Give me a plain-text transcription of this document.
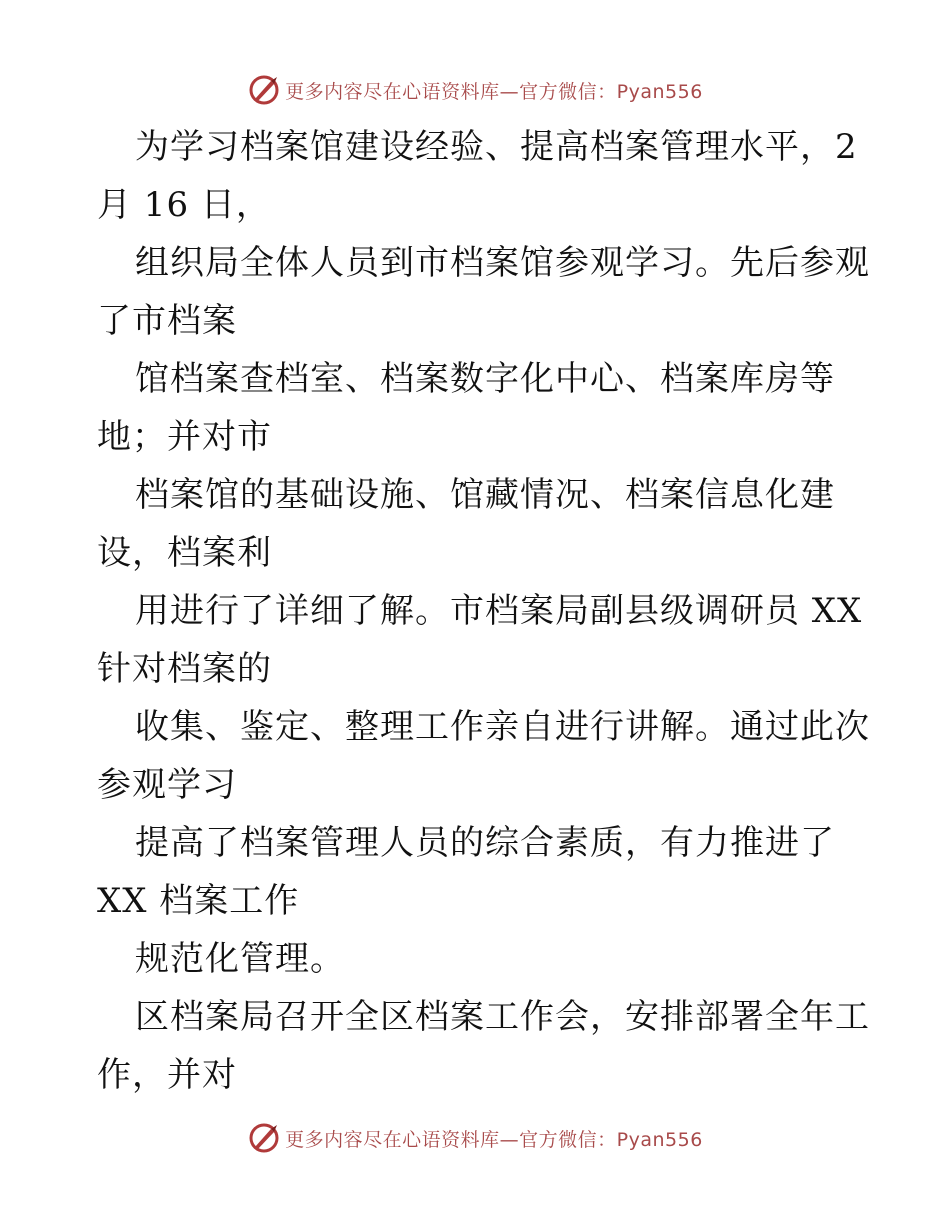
更多内容尽在心语资料库—官方微信：Pyan556
为学习档案馆建设经验、提高档案管理水平，2
月 16 日，
组织局全体人员到市档案馆参观学习。先后参观
了市档案
馆档案查档室、档案数字化中心、档案库房等
地；并对市
档案馆的基础设施、馆藏情况、档案信息化建
设，档案利
用进行了详细了解。市档案局副县级调研员 XX
针对档案的
收集、鉴定、整理工作亲自进行讲解。通过此次
参观学习
提高了档案管理人员的综合素质，有力推进了
XX 档案工作
规范化管理。
区档案局召开全区档案工作会，安排部署全年工
作，并对
更多内容尽在心语资料库—官方微信：Pyan556
